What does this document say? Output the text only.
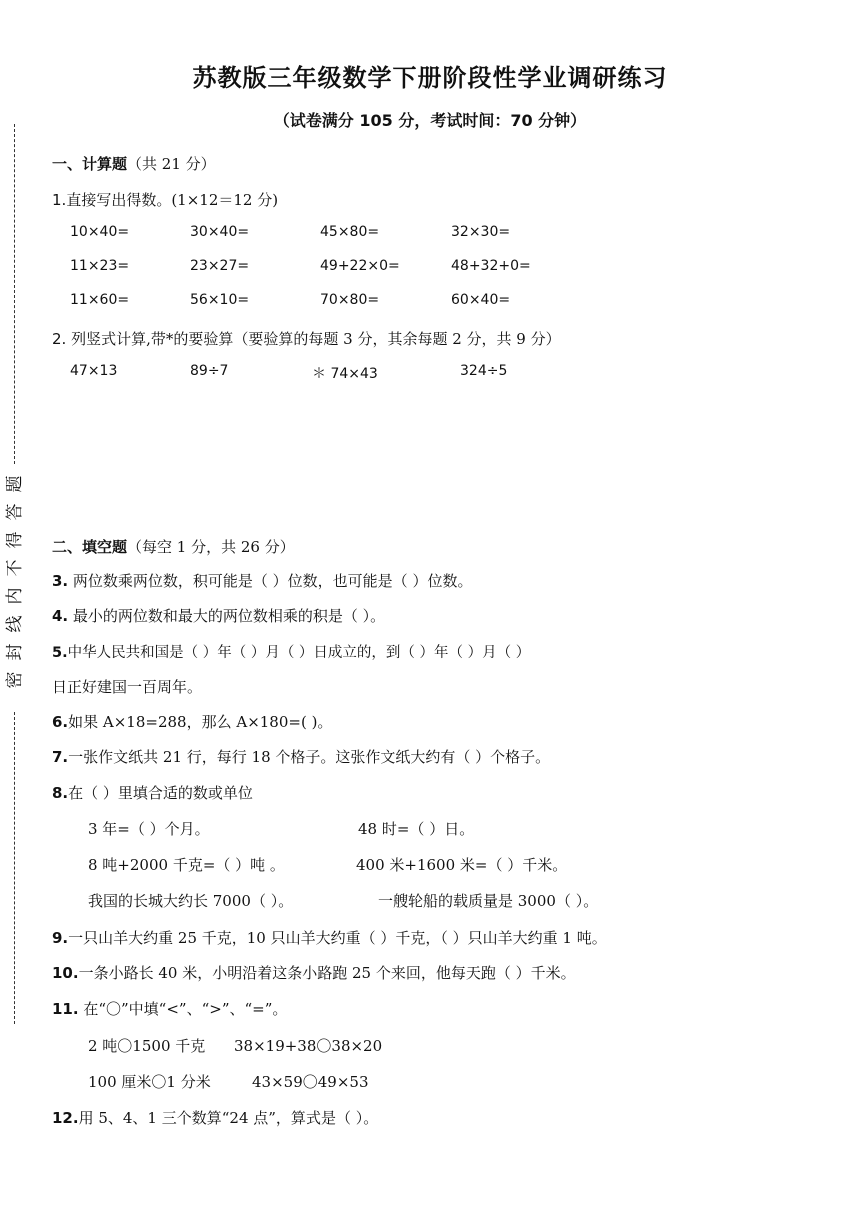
题
答
得
不
内
线
封
密
苏教版三年级数学下册阶段性学业调研练习
（试卷满分 105 分，考试时间：70 分钟）
一、计算题（共 21 分）
1.直接写出得数。(1×12＝12 分)
10×40=	30×40=	45×80=	32×30=
11×23=	23×27=	49+22×0=	48+32+0=
11×60=	56×10=	70×80=	60×40=
2. 列竖式计算,带*的要验算（要验算的每题 3 分，其余每题 2 分，共 9 分）
47×13	89÷7	＊ 74×43	324÷5
二、填空题（每空 1 分，共 26 分）
3. 两位数乘两位数，积可能是（ ）位数，也可能是（ ）位数。
4. 最小的两位数和最大的两位数相乘的积是（ ）。
5.中华人民共和国是（ ）年（ ）月（ ）日成立的，到（ ）年（ ）月（ ）
日正好建国一百周年。
6.如果 A×18=288，那么 A×180=( )。
7.一张作文纸共 21 行，每行 18 个格子。这张作文纸大约有（ ）个格子。
8.在（ ）里填合适的数或单位
3 年=（ ）个月。	48 时=（ ）日。
8 吨+2000 千克=（ ）吨 。	400 米+1600 米=（ ）千米。
我国的长城大约长 7000（ ）。	一艘轮船的载质量是 3000（ ）。
9.一只山羊大约重 25 千克，10 只山羊大约重（ ）千克，（ ）只山羊大约重 1 吨。
10.一条小路长 40 米，小明沿着这条小路跑 25 个来回，他每天跑（ ）千米。
11. 在“〇”中填“<”、“>”、“=”。
2 吨〇1500 千克 38×19+38〇38×20
100 厘米〇1 分米	43×59〇49×53
12.用 5、4、1 三个数算“24 点”，算式是（ ）。
